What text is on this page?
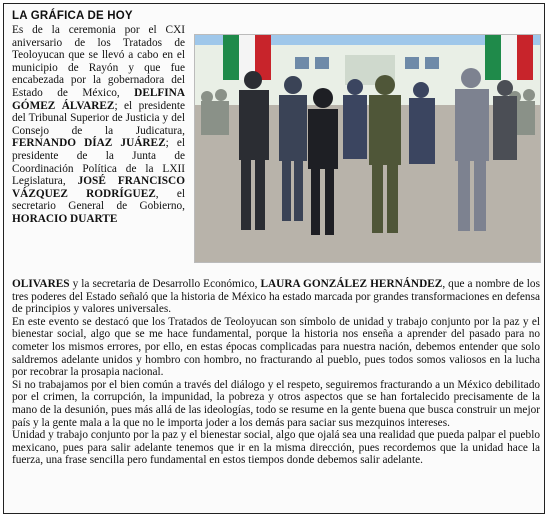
LA GRÁFICA DE HOY

Es de la ceremonia por el CXI aniversario de los Tratados de Teoloyucan que se llevó a cabo en el municipio de Rayón y que fue encabezada por la gobernadora del Estado de México, DELFINA GÓMEZ ÁLVAREZ; el presidente del Tribunal Superior de Justicia y del Consejo de la Judicatura, FERNANDO DÍAZ JUÁREZ; el presidente de la Junta de Coordinación Política de la LXII Legislatura, JOSÉ FRANCISCO VÁZQUEZ RODRÍGUEZ, el secretario General de Gobierno, HORACIO DUARTE

OLIVARES y la secretaria de Desarrollo Económico, LAURA GONZÁLEZ HERNÁNDEZ, que a nombre de los tres poderes del Estado señaló que la historia de México ha estado marcada por grandes transformaciones en defensa de principios y valores universales.

En este evento se destacó que los Tratados de Teoloyucan son símbolo de unidad y trabajo conjunto por la paz y el bienestar social, algo que se me hace fundamental, porque la historia nos enseña a aprender del pasado para no cometer los mismos errores, por ello, en estas épocas complicadas para nuestra nación, debemos entender que solo saldremos adelante unidos y hombro con hombro, no fracturando al pueblo, pues todos somos valiosos en la lucha por recobrar la prosapia nacional.

Si no trabajamos por el bien común a través del diálogo y el respeto, seguiremos fracturando a un México debilitado por el crimen, la corrupción, la impunidad, la pobreza y otros aspectos que se han fortalecido precisamente de la mano de la desunión, pues más allá de las ideologías, todo se resume en la gente buena que busca construir un mejor país y la gente mala a la que no le importa joder a los demás para saciar sus mezquinos intereses.

Unidad y trabajo conjunto por la paz y el bienestar social, algo que ojalá sea una realidad que pueda palpar el pueblo mexicano, pues para salir adelante tenemos que ir en la misma dirección, pues recordemos que la unidad hace la fuerza, una frase sencilla pero fundamental en estos tiempos donde debemos salir adelante.
